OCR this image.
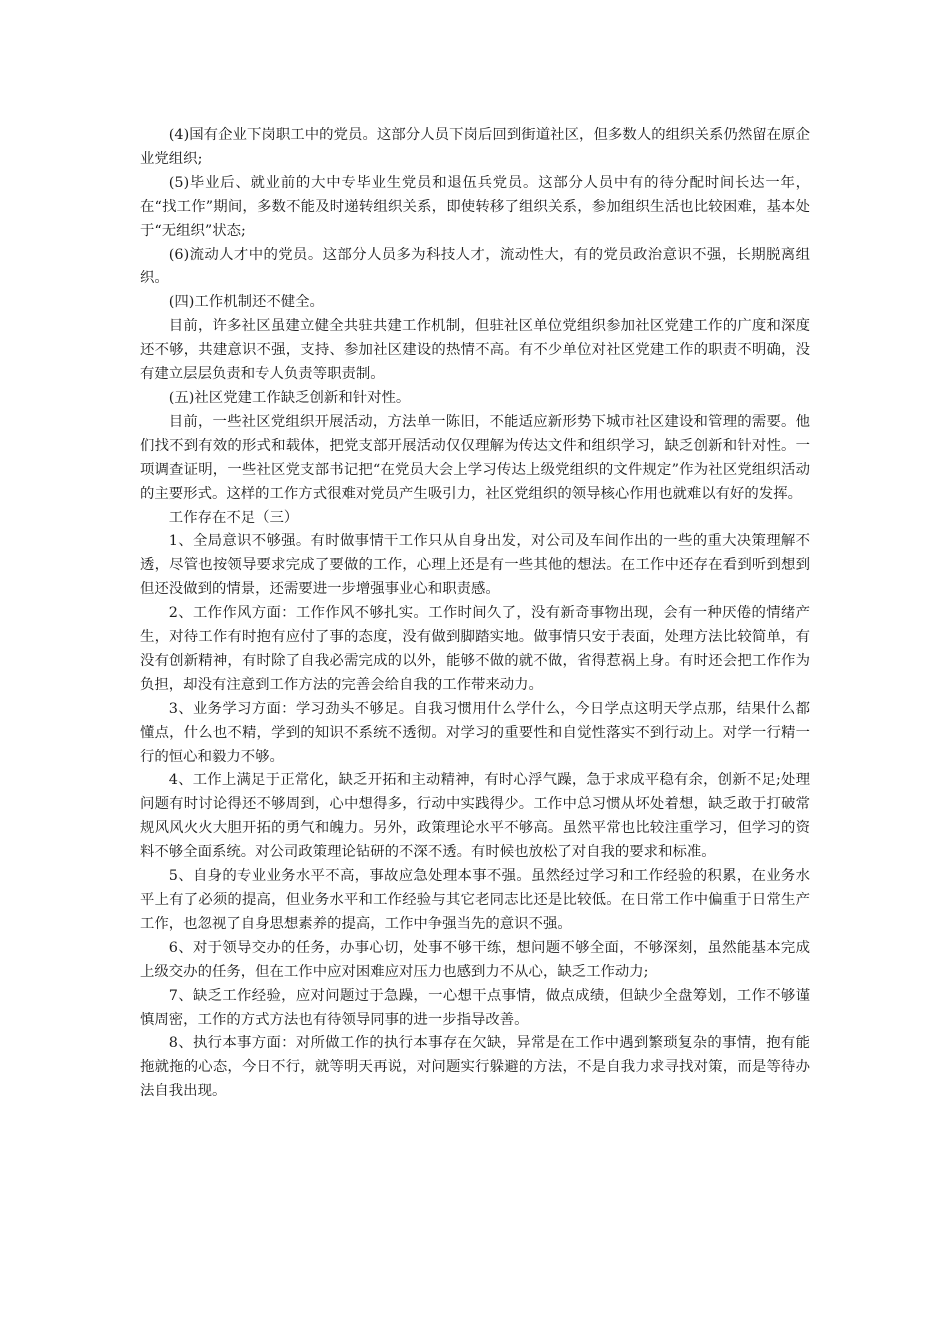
(4)国有企业下岗职工中的党员。这部分人员下岗后回到街道社区，但多数人的组织关系仍然留在原企业党组织;

(5)毕业后、就业前的大中专毕业生党员和退伍兵党员。这部分人员中有的待分配时间长达一年，在“找工作”期间，多数不能及时递转组织关系，即使转移了组织关系，参加组织生活也比较困难，基本处于“无组织”状态;

(6)流动人才中的党员。这部分人员多为科技人才，流动性大，有的党员政治意识不强，长期脱离组织。

(四)工作机制还不健全。

目前，许多社区虽建立健全共驻共建工作机制，但驻社区单位党组织参加社区党建工作的广度和深度还不够，共建意识不强，支持、参加社区建设的热情不高。有不少单位对社区党建工作的职责不明确，没有建立层层负责和专人负责等职责制。

(五)社区党建工作缺乏创新和针对性。

目前，一些社区党组织开展活动，方法单一陈旧，不能适应新形势下城市社区建设和管理的需要。他们找不到有效的形式和载体，把党支部开展活动仅仅理解为传达文件和组织学习，缺乏创新和针对性。一项调查证明，一些社区党支部书记把“在党员大会上学习传达上级党组织的文件规定”作为社区党组织活动的主要形式。这样的工作方式很难对党员产生吸引力，社区党组织的领导核心作用也就难以有好的发挥。

工作存在不足（三）

1、全局意识不够强。有时做事情干工作只从自身出发，对公司及车间作出的一些的重大决策理解不透，尽管也按领导要求完成了要做的工作，心理上还是有一些其他的想法。在工作中还存在看到听到想到但还没做到的情景，还需要进一步增强事业心和职责感。

2、工作作风方面：工作作风不够扎实。工作时间久了，没有新奇事物出现，会有一种厌倦的情绪产生，对待工作有时抱有应付了事的态度，没有做到脚踏实地。做事情只安于表面，处理方法比较简单，有没有创新精神，有时除了自我必需完成的以外，能够不做的就不做，省得惹祸上身。有时还会把工作作为负担，却没有注意到工作方法的完善会给自我的工作带来动力。

3、业务学习方面：学习劲头不够足。自我习惯用什么学什么，今日学点这明天学点那，结果什么都懂点，什么也不精，学到的知识不系统不透彻。对学习的重要性和自觉性落实不到行动上。对学一行精一行的恒心和毅力不够。

4、工作上满足于正常化，缺乏开拓和主动精神，有时心浮气躁，急于求成平稳有余，创新不足;处理问题有时讨论得还不够周到，心中想得多，行动中实践得少。工作中总习惯从坏处着想，缺乏敢于打破常规风风火火大胆开拓的勇气和魄力。另外，政策理论水平不够高。虽然平常也比较注重学习，但学习的资料不够全面系统。对公司政策理论钻研的不深不透。有时候也放松了对自我的要求和标准。

5、自身的专业业务水平不高，事故应急处理本事不强。虽然经过学习和工作经验的积累，在业务水平上有了必须的提高，但业务水平和工作经验与其它老同志比还是比较低。在日常工作中偏重于日常生产工作，也忽视了自身思想素养的提高，工作中争强当先的意识不强。

6、对于领导交办的任务，办事心切，处事不够干练，想问题不够全面，不够深刻，虽然能基本完成上级交办的任务，但在工作中应对困难应对压力也感到力不从心，缺乏工作动力;

7、缺乏工作经验，应对问题过于急躁，一心想干点事情，做点成绩，但缺少全盘筹划，工作不够谨慎周密，工作的方式方法也有待领导同事的进一步指导改善。

8、执行本事方面：对所做工作的执行本事存在欠缺，异常是在工作中遇到繁琐复杂的事情，抱有能拖就拖的心态，今日不行，就等明天再说，对问题实行躲避的方法，不是自我力求寻找对策，而是等待办法自我出现。
